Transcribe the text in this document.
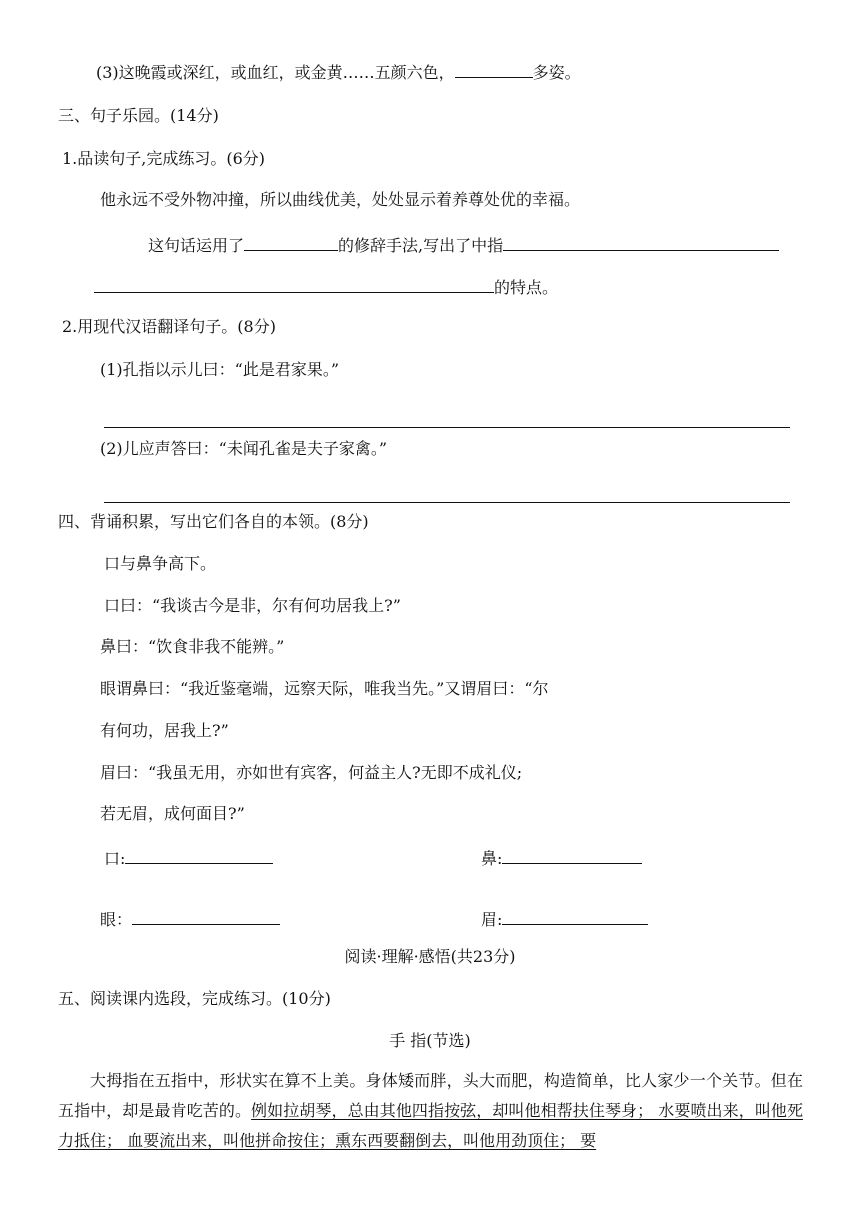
(3)这晚霞或深红，或血红，或金黄……五颜六色，	多姿。
三、句子乐园。(14分)
1.品读句子,完成练习。(6分)
他永远不受外物冲撞，所以曲线优美，处处显示着养尊处优的幸福。
这句话运用了	的修辞手法,写出了中指
的特点。
2.用现代汉语翻译句子。(8分)
(1)孔指以示儿曰：“此是君家果。”
(2)儿应声答曰：“未闻孔雀是夫子家禽。”
四、背诵积累，写出它们各自的本领。(8分)
口与鼻争高下。
口曰：“我谈古今是非，尔有何功居我上?”
鼻曰：“饮食非我不能辨。”
眼谓鼻曰：“我近鉴毫端，远察天际，唯我当先。”又谓眉曰：“尔
有何功，居我上?”
眉曰：“我虽无用，亦如世有宾客，何益主人?无即不成礼仪;
若无眉，成何面目?”
口:	鼻:
眼：	眉:
阅读·理解·感悟(共23分)
五、阅读课内选段，完成练习。(10分)
手 指(节选)
大拇指在五指中，形状实在算不上美。身体矮而胖，头大而肥，构造简单，比人家少一个关节。但在五指中，却是最肯吃苦的。例如拉胡琴，总由其他四指按弦，却叫他相帮扶住琴身； 水要喷出来，叫他死力抵住； 血要流出来，叫他拼命按住；熏东西要翻倒去，叫他用劲顶住； 要
